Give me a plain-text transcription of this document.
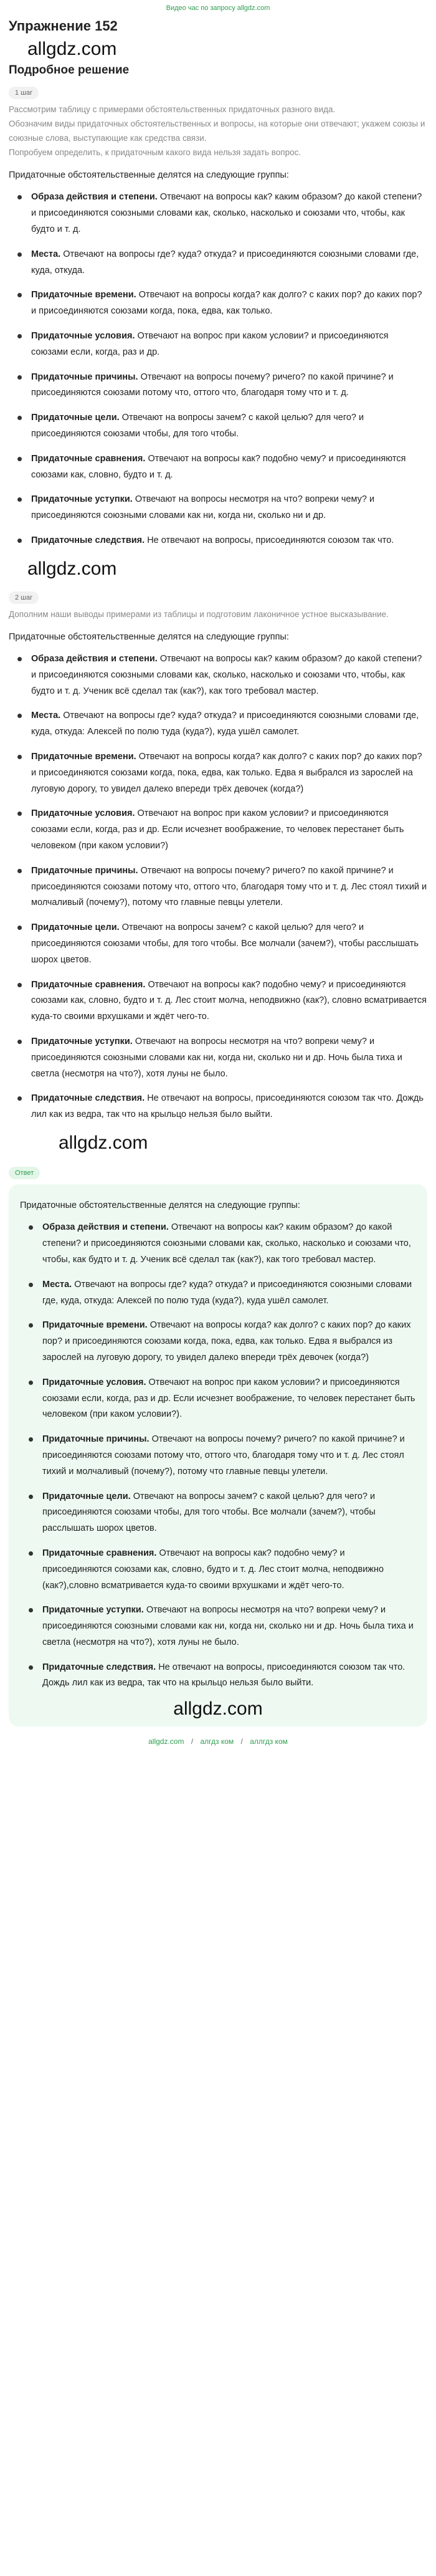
Видео час по запросу allgdz.com
Упражнение 152
allgdz.com
Подробное решение
1 шаг

Рассмотрим таблицу с примерами обстоятельственных придаточных разного вида.

Обозначим виды придаточных обстоятельственных и вопросы, на которые они отвечают; укажем союзы и союзные слова, выступающие как средства связи.

Попробуем определить, к придаточным какого вида нельзя задать вопрос.

Придаточные обстоятельственные делятся на следующие группы:

Образа действия и степени. Отвечают на вопросы как? каким образом? до какой степени? и присоединяются союзными словами как, сколько, насколько и союзами что, чтобы, как будто и т. д.
Места. Отвечают на вопросы где? куда? откуда? и присоединяются союзными словами где, куда, откуда.
Придаточные времени. Отвечают на вопросы когда? как долго? с каких пор? до каких пор? и присоединяются союзами когда, пока, едва, как только.
Придаточные условия. Отвечают на вопрос при каком условии? и присоединяются союзами если, когда, раз и др.
Придаточные причины. Отвечают на вопросы почему? ричего? по какой причине? и присоединяются союзами потому что, оттого что, благодаря тому что и т. д.
Придаточные цели. Отвечают на вопросы зачем? с какой целью? для чего? и присоединяются союзами чтобы, для того чтобы.
Придаточные сравнения. Отвечают на вопросы как? подобно чему? и присоединяются союзами как, словно, будто и т. д.
Придаточные уступки. Отвечают на вопросы несмотря на что? вопреки чему? и присоединяются союзными словами как ни, когда ни, сколько ни и др.
Придаточные следствия. Не отвечают на вопросы, присоединяются союзом так что.
allgdz.com
2 шаг

Дополним наши выводы примерами из таблицы и подготовим лаконичное устное высказывание.

Придаточные обстоятельственные делятся на следующие группы:

Образа действия и степени. Отвечают на вопросы как? каким образом? до какой степени? и присоединяются союзными словами как, сколько, насколько и союзами что, чтобы, как будто и т. д. Ученик всё сделал так (как?), как того требовал мастер.
Места. Отвечают на вопросы где? куда? откуда? и присоединяются союзными словами где, куда, откуда: Алексей по полю туда (куда?), куда ушёл самолет.
Придаточные времени. Отвечают на вопросы когда? как долго? с каких пор? до каких пор? и присоединяются союзами когда, пока, едва, как только. Едва я выбрался из зарослей на луговую дорогу, то увидел далеко впереди трёх девочек (когда?)
Придаточные условия. Отвечают на вопрос при каком условии? и присоединяются союзами если, когда, раз и др. Если исчезнет воображение, то человек перестанет быть человеком (при каком условии?)
Придаточные причины. Отвечают на вопросы почему? ричего? по какой причине? и присоединяются союзами потому что, оттого что, благодаря тому что и т. д. Лес стоял тихий и молчаливый (почему?), потому что главные певцы улетели.
Придаточные цели. Отвечают на вопросы зачем? с какой целью? для чего? и присоединяются союзами чтобы, для того чтобы. Все молчали (зачем?), чтобы расслышать шорох цветов.
Придаточные сравнения. Отвечают на вопросы как? подобно чему? и присоединяются союзами как, словно, будто и т. д. Лес стоит молча, неподвижно (как?), словно всматривается куда-то своими врхушками и ждёт чего-то.
Придаточные уступки. Отвечают на вопросы несмотря на что? вопреки чему? и присоединяются союзными словами как ни, когда ни, сколько ни и др. Ночь была тиха и светла (несмотря на что?), хотя луны не было.
Придаточные следствия. Не отвечают на вопросы, присоединяются союзом так что. Дождь лил как из ведра, так что на крыльцо нельзя было выйти.
allgdz.com
Ответ

Придаточные обстоятельственные делятся на следующие группы:

Образа действия и степени. Отвечают на вопросы как? каким образом? до какой степени? и присоединяются союзными словами как, сколько, насколько и союзами что, чтобы, как будто и т. д. Ученик всё сделал так (как?), как того требовал мастер.
Места. Отвечают на вопросы где? куда? откуда? и присоединяются союзными словами где, куда, откуда: Алексей по полю туда (куда?), куда ушёл самолет.
Придаточные времени. Отвечают на вопросы когда? как долго? с каких пор? до каких пор? и присоединяются союзами когда, пока, едва, как только. Едва я выбрался из зарослей на луговую дорогу, то увидел далеко впереди трёх девочек (когда?)
Придаточные условия. Отвечают на вопрос при каком условии? и присоединяются союзами если, когда, раз и др. Если исчезнет воображение, то человек перестанет быть человеком (при каком условии?).
Придаточные причины. Отвечают на вопросы почему? ричего? по какой причине? и присоединяются союзами потому что, оттого что, благодаря тому что и т. д. Лес стоял тихий и молчаливый (почему?), потому что главные певцы улетели.
Придаточные цели. Отвечают на вопросы зачем? с какой целью? для чего? и присоединяются союзами чтобы, для того чтобы. Все молчали (зачем?), чтобы расслышать шорох цветов.
Придаточные сравнения. Отвечают на вопросы как? подобно чему? и присоединяются союзами как, словно, будто и т. д. Лес стоит молча, неподвижно (как?),словно всматривается куда-то своими врхушками и ждёт чего-то.
Придаточные уступки. Отвечают на вопросы несмотря на что? вопреки чему? и присоединяются союзными словами как ни, когда ни, сколько ни и др. Ночь была тиха и светла (несмотря на что?), хотя луны не было.
Придаточные следствия. Не отвечают на вопросы, присоединяются союзом так что. Дождь лил как из ведра, так что на крыльцо нельзя было выйти.
allgdz.com
allgdz.com / алгдз ком / аллгдз ком
